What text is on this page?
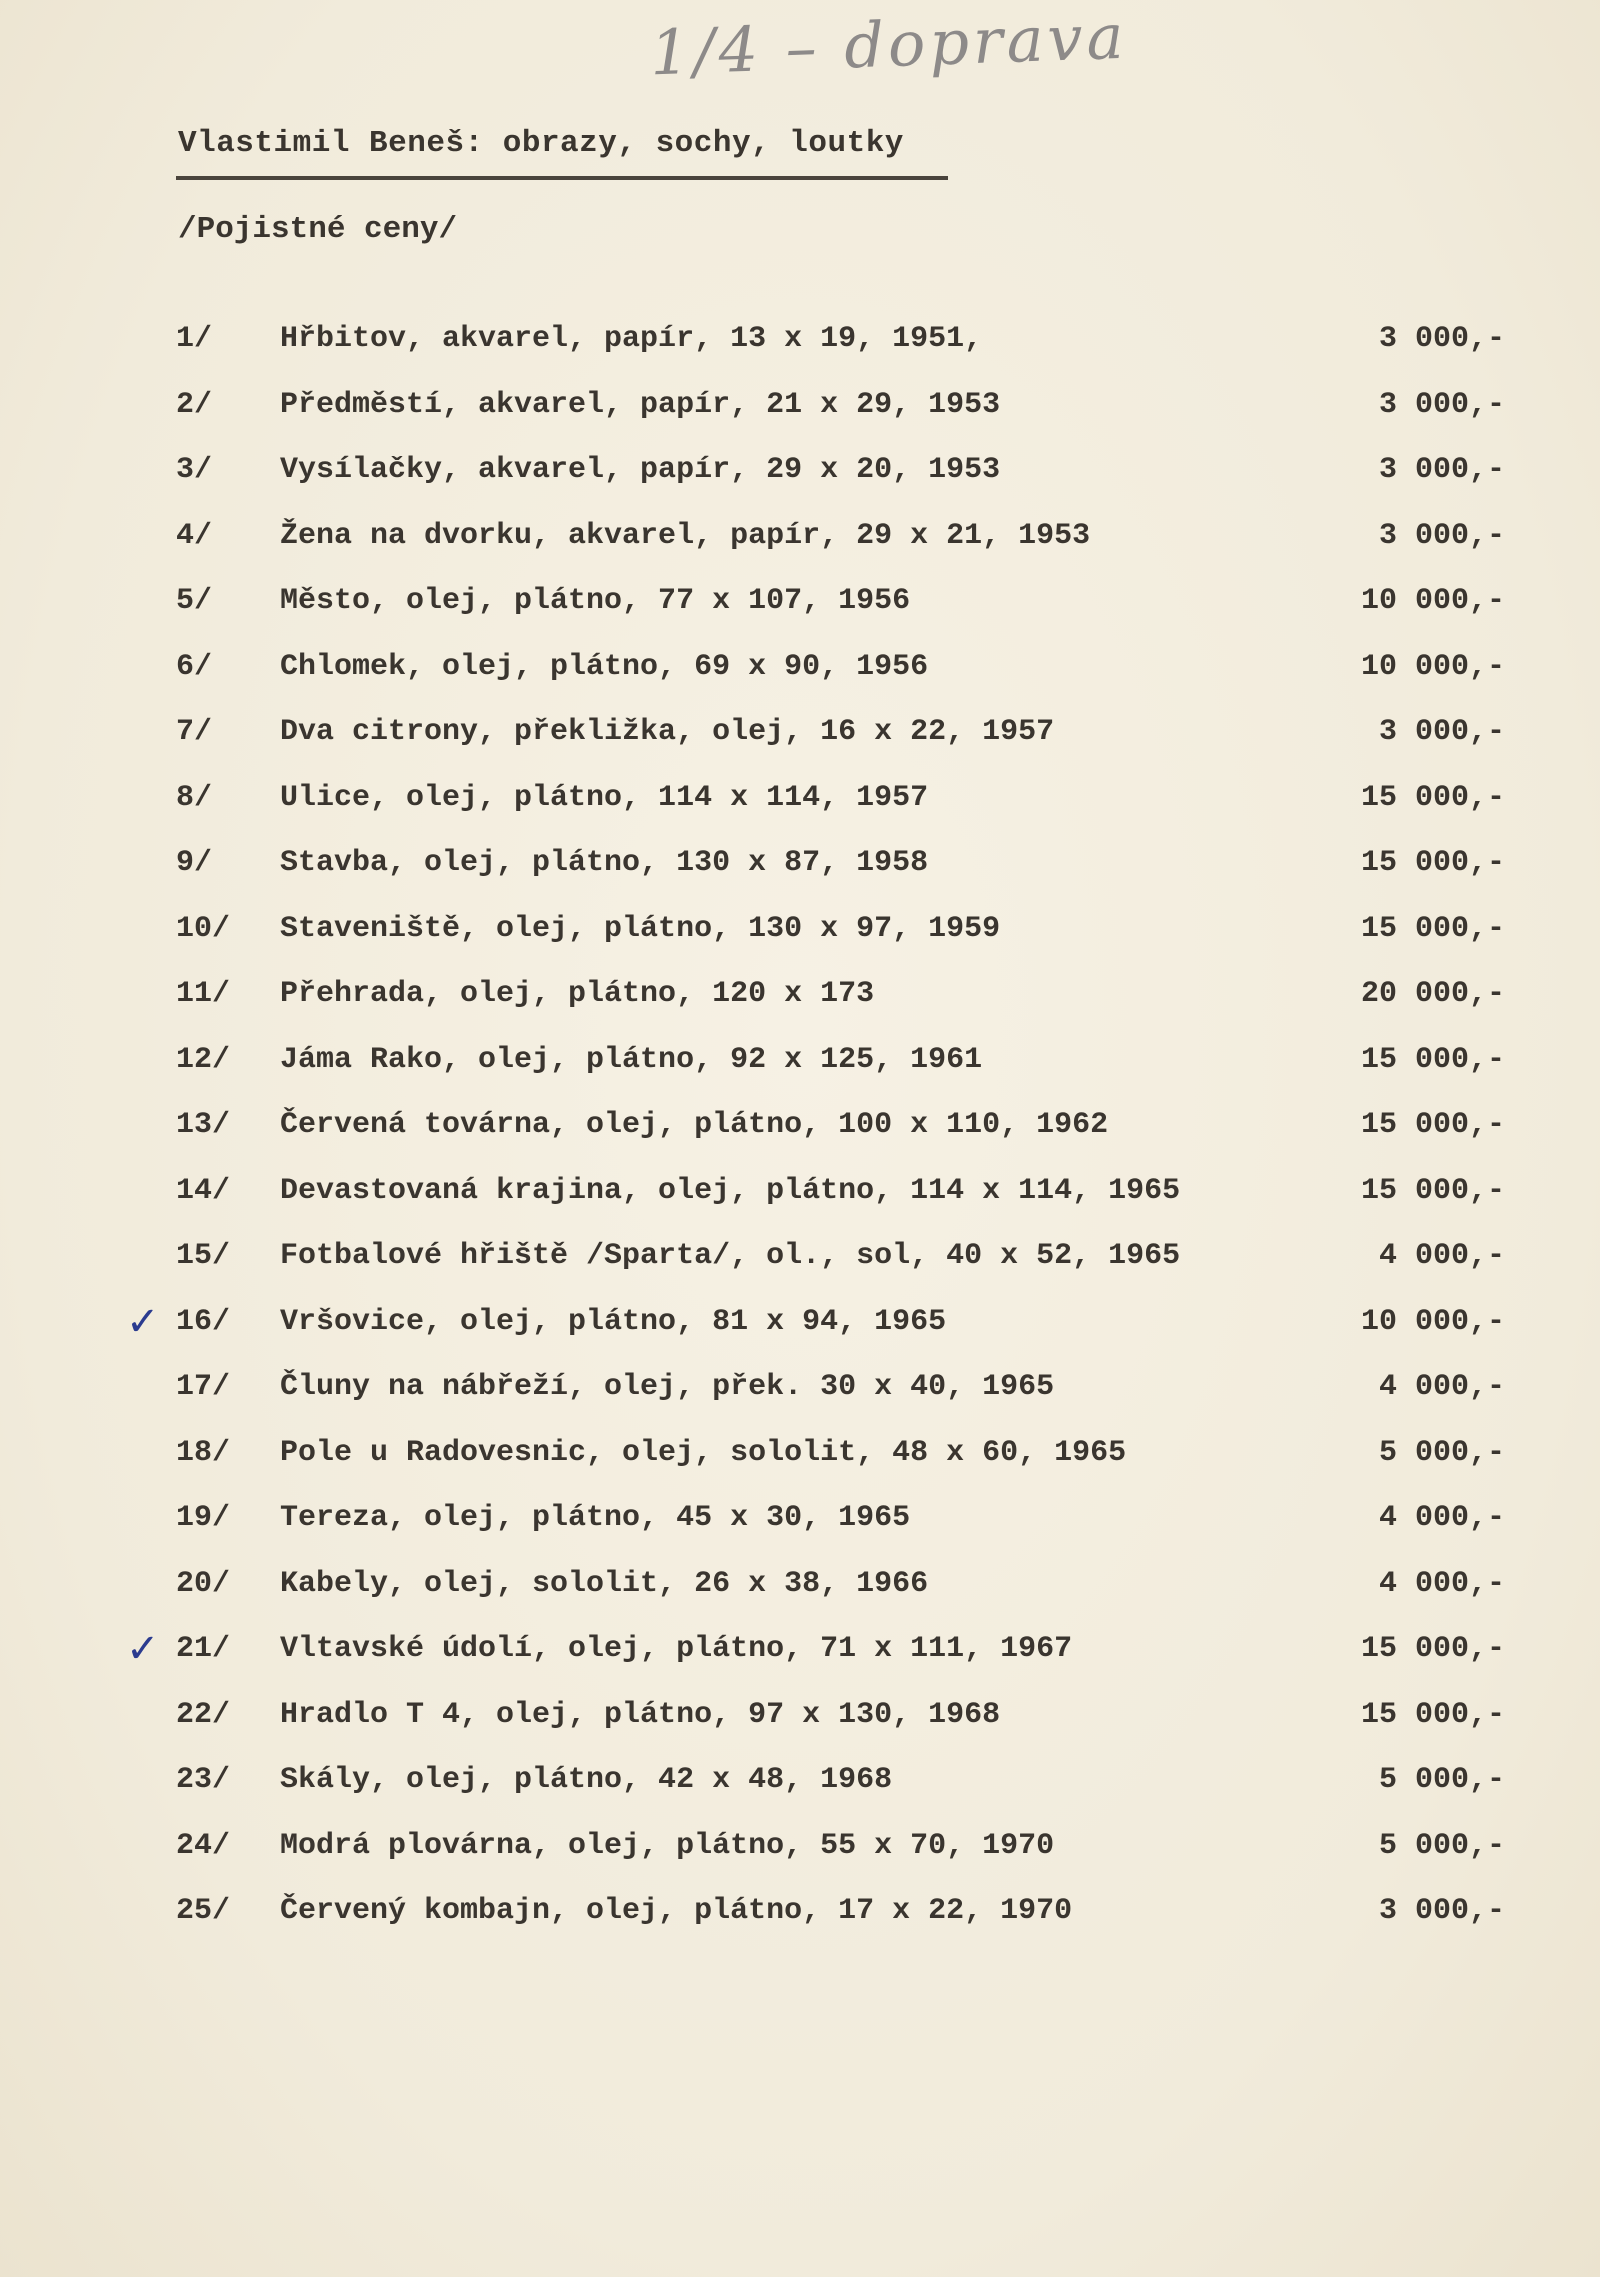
1/4 – doprava
Vlastimil Beneš: obrazy, sochy, loutky
/Pojistné ceny/
1/ Hřbitov, akvarel, papír, 13 x 19, 1951,	3 000,-
2/ Předměstí, akvarel, papír, 21 x 29, 1953	3 000,-
3/ Vysílačky, akvarel, papír, 29 x 20, 1953	3 000,-
4/ Žena na dvorku, akvarel, papír, 29 x 21, 1953	3 000,-
5/ Město, olej, plátno, 77 x 107, 1956	10 000,-
6/ Chlomek, olej, plátno, 69 x 90, 1956	10 000,-
7/ Dva citrony, překližka, olej, 16 x 22, 1957	3 000,-
8/ Ulice, olej, plátno, 114 x 114, 1957	15 000,-
9/ Stavba, olej, plátno, 130 x 87, 1958	15 000,-
10/ Staveniště, olej, plátno, 130 x 97, 1959	15 000,-
11/ Přehrada, olej, plátno, 120 x 173	20 000,-
12/ Jáma Rako, olej, plátno, 92 x 125, 1961	15 000,-
13/ Červená továrna, olej, plátno, 100 x 110, 1962	15 000,-
14/ Devastovaná krajina, olej, plátno, 114 x 114, 1965	15 000,-
15/ Fotbalové hřiště /Sparta/, ol., sol, 40 x 52, 1965	4 000,-
✓ 16/ Vršovice, olej, plátno, 81 x 94, 1965	10 000,-
17/ Čluny na nábřeží, olej, přek. 30 x 40, 1965	4 000,-
18/ Pole u Radovesnic, olej, sololit, 48 x 60, 1965	5 000,-
19/ Tereza, olej, plátno, 45 x 30, 1965	4 000,-
20/ Kabely, olej, sololit, 26 x 38, 1966	4 000,-
✓ 21/ Vltavské údolí, olej, plátno, 71 x 111, 1967	15 000,-
22/ Hradlo T 4, olej, plátno, 97 x 130, 1968	15 000,-
23/ Skály, olej, plátno, 42 x 48, 1968	5 000,-
24/ Modrá plovárna, olej, plátno, 55 x 70, 1970	5 000,-
25/ Červený kombajn, olej, plátno, 17 x 22, 1970	3 000,-
